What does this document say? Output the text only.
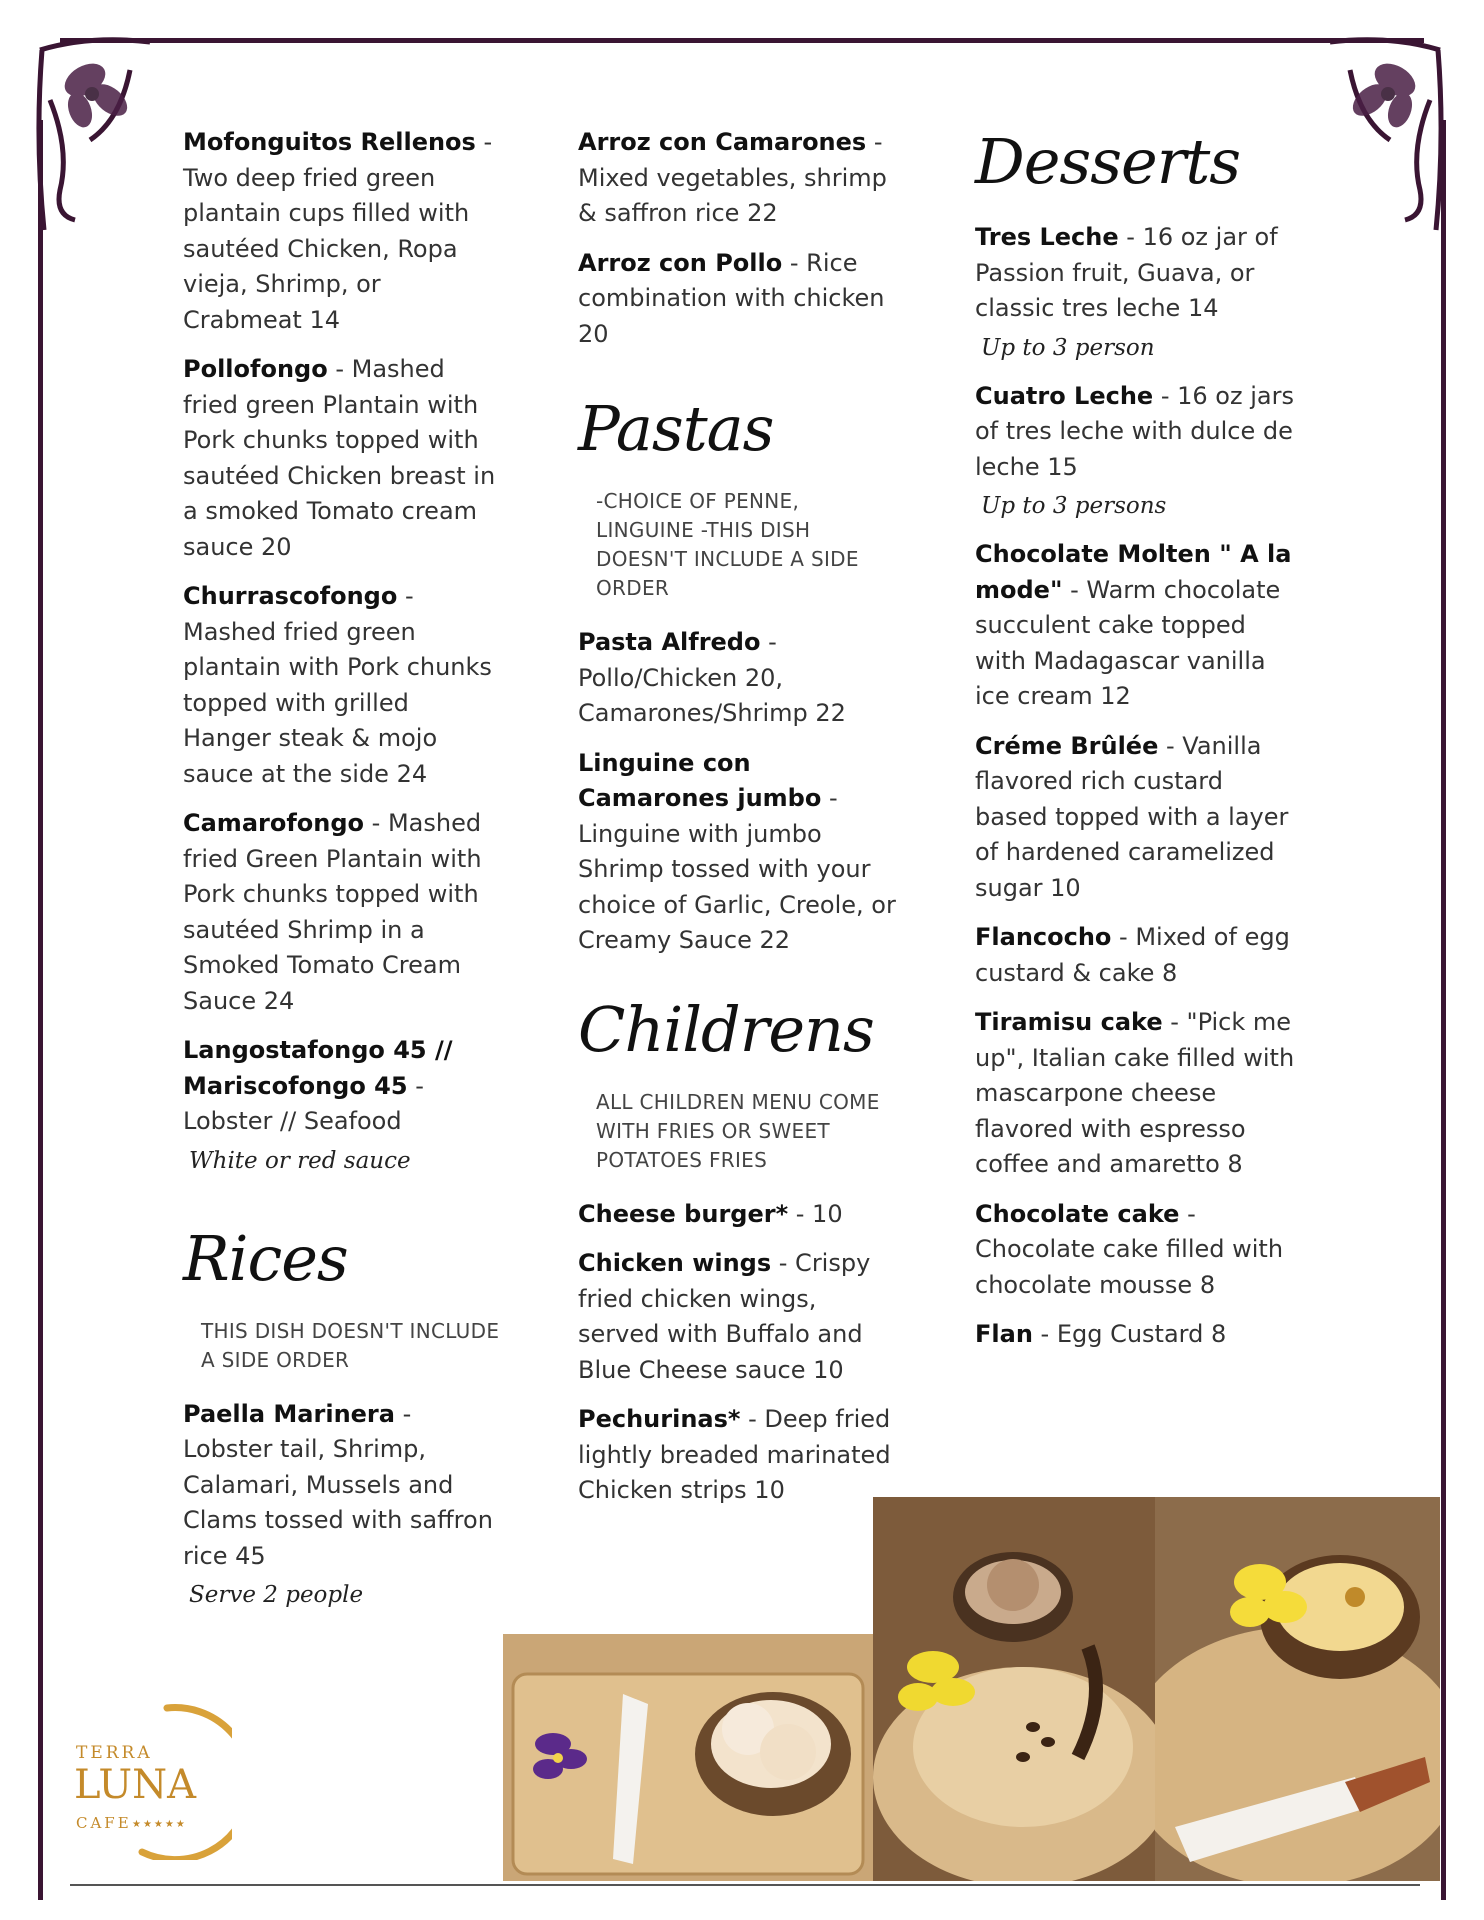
Mofonguitos Rellenos - Two deep fried green plantain cups filled with sautéed Chicken, Ropa vieja, Shrimp, or Crabmeat 14
Pollofongo - Mashed fried green Plantain with Pork chunks topped with sautéed Chicken breast in a smoked Tomato cream sauce 20
Churrascofongo - Mashed fried green plantain with Pork chunks topped with grilled Hanger steak & mojo sauce at the side 24
Camarofongo - Mashed fried Green Plantain with Pork chunks topped with sautéed Shrimp in a Smoked Tomato Cream Sauce 24
Langostafongo 45 // Mariscofongo 45 - Lobster // Seafood
White or red sauce
Rices
THIS DISH DOESN'T INCLUDE A SIDE ORDER
Paella Marinera - Lobster tail, Shrimp, Calamari, Mussels and Clams tossed with saffron rice 45
Serve 2 people
Arroz con Camarones - Mixed vegetables, shrimp & saffron rice 22
Arroz con Pollo - Rice combination with chicken 20
Pastas
-CHOICE OF PENNE, LINGUINE -THIS DISH DOESN'T INCLUDE A SIDE ORDER
Pasta Alfredo - Pollo/Chicken 20, Camarones/Shrimp 22
Linguine con Camarones jumbo - Linguine with jumbo Shrimp tossed with your choice of Garlic, Creole, or Creamy Sauce 22
Childrens
ALL CHILDREN MENU COME WITH FRIES OR SWEET POTATOES FRIES
Cheese burger* - 10
Chicken wings - Crispy fried chicken wings, served with Buffalo and Blue Cheese sauce 10
Pechurinas* - Deep fried lightly breaded marinated Chicken strips 10
Desserts
Tres Leche - 16 oz jar of Passion fruit, Guava, or classic tres leche 14
Up to 3 person
Cuatro Leche - 16 oz jars of tres leche with dulce de leche 15
Up to 3 persons
Chocolate Molten " A la mode" - Warm chocolate succulent cake topped with Madagascar vanilla ice cream 12
Créme Brûlée - Vanilla flavored rich custard based topped with a layer of hardened caramelized sugar 10
Flancocho - Mixed of egg custard & cake 8
Tiramisu cake - "Pick me up", Italian cake filled with mascarpone cheese flavored with espresso coffee and amaretto 8
Chocolate cake - Chocolate cake filled with chocolate mousse 8
Flan - Egg Custard 8
TERRA
LUNA
CAFE ★★★★★
